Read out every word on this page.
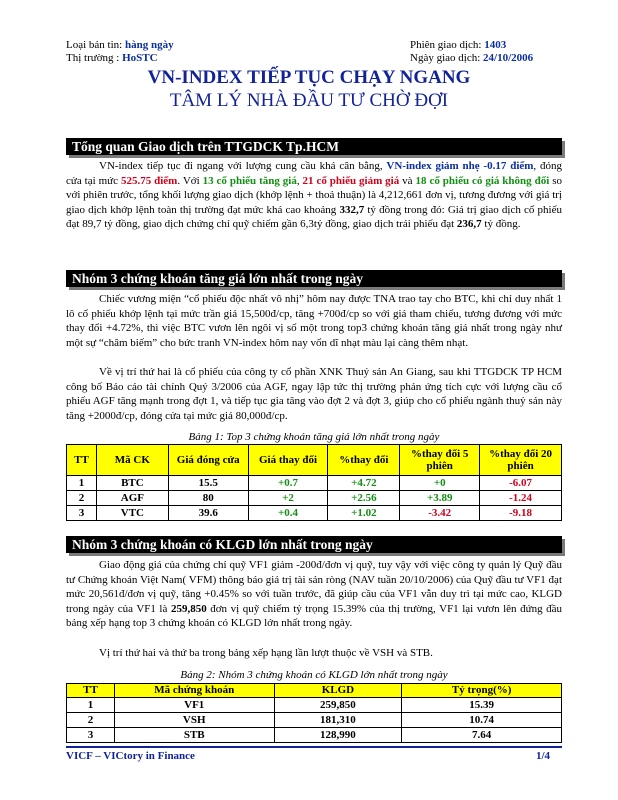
Loại bản tin: hàng ngày
Thị trường : HoSTC
Phiên giao dịch: 1403
Ngày giao dịch: 24/10/2006
VN-INDEX TIẾP TỤC CHẠY NGANG
TÂM LÝ NHÀ ĐẦU TƯ CHỜ ĐỢI
Tổng quan Giao dịch trên TTGDCK Tp.HCM
VN-index tiếp tục đi ngang với lượng cung cầu khá cân bằng, VN-index giảm nhẹ -0.17 điểm, đóng cửa tại mức 525.75 điểm. Với 13 cổ phiếu tăng giá, 21 cổ phiếu giảm giá và 18 cổ phiếu có giá không đổi so với phiên trước, tổng khối lượng giao dịch (khớp lệnh + thoả thuận) là 4,212,661 đơn vị, tương đương với giá trị giao dịch khớp lệnh toàn thị trường đạt mức khá cao khoảng 332,7 tỷ đồng trong đó: Giá trị giao dịch cổ phiếu đạt 89,7 tỷ đồng, giao dịch chứng chỉ quỹ chiếm gần 6,3tỷ đồng, giao dịch trái phiếu đạt 236,7 tỷ đồng.
Nhóm 3 chứng khoán tăng giá lớn nhất trong ngày
Chiếc vương miện “cổ phiếu độc nhất vô nhị” hôm nay được TNA trao tay cho BTC, khi chỉ duy nhất 1 lô cổ phiếu khớp lệnh tại mức trần giá 15,500đ/cp, tăng +700đ/cp so với giá tham chiếu, tương đương với mức thay đổi +4.72%, thì việc BTC vươn lên ngôi vị số một trong top3 chứng khoán tăng giá nhất trong ngày như một sự “châm biếm” cho bức tranh VN-index hôm nay vốn dĩ nhạt màu lại càng thêm nhạt.
Về vị trí thứ hai là cổ phiếu của công ty cổ phần XNK Thuỷ sản An Giang, sau khi TTGDCK TP HCM công bố Báo cáo tài chính Quý 3/2006 của AGF, ngay lập tức thị trường phản ứng tích cực với lượng cầu cổ phiếu AGF tăng mạnh trong đợt 1, và tiếp tục gia tăng vào đợt 2 và đợt 3, giúp cho cổ phiếu ngành thuỷ sản này tăng +2000đ/cp, đóng cửa tại mức giá 80,000đ/cp.
Bảng 1: Top 3 chứng khoán tăng giá lớn nhất trong ngày
TT	Mã CK	Giá đóng cửa	Giá thay đổi	%thay đổi	%thay đổi 5 phiên	%thay đổi 20 phiên
1	BTC	15.5	+0.7	+4.72	+0	-6.07
2	AGF	80	+2	+2.56	+3.89	-1.24
3	VTC	39.6	+0.4	+1.02	-3.42	-9.18
Nhóm 3 chứng khoán có KLGD lớn nhất trong ngày
Giao động giá của chứng chỉ quỹ VF1 giảm -200đ/đơn vị quỹ, tuy vậy với việc công ty quản lý Quỹ đầu tư Chứng khoán Việt Nam( VFM) thông báo giá trị tài sản ròng (NAV tuần 20/10/2006) của Quỹ đầu tư VF1 đạt mức 20,561đ/đơn vị quỹ, tăng +0.45% so với tuần trước, đã giúp cầu của VF1 vẫn duy trì tại mức cao, KLGD trong ngày của VF1 là 259,850 đơn vị quỹ chiếm tỷ trọng 15.39% của thị trường, VF1 lại vươn lên đứng đầu bảng xếp hạng top 3 chứng khoán có KLGD lớn nhất trong ngày.
Vị trí thứ hai và thứ ba trong bảng xếp hạng lần lượt thuộc về VSH và STB.
Bảng 2: Nhóm 3 chứng khoán có KLGD lớn nhất trong ngày
TT	Mã chứng khoán	KLGD	Tỷ trọng(%)
1	VF1	259,850	15.39
2	VSH	181,310	10.74
3	STB	128,990	7.64
VICF – VICtory in Finance	1/4
